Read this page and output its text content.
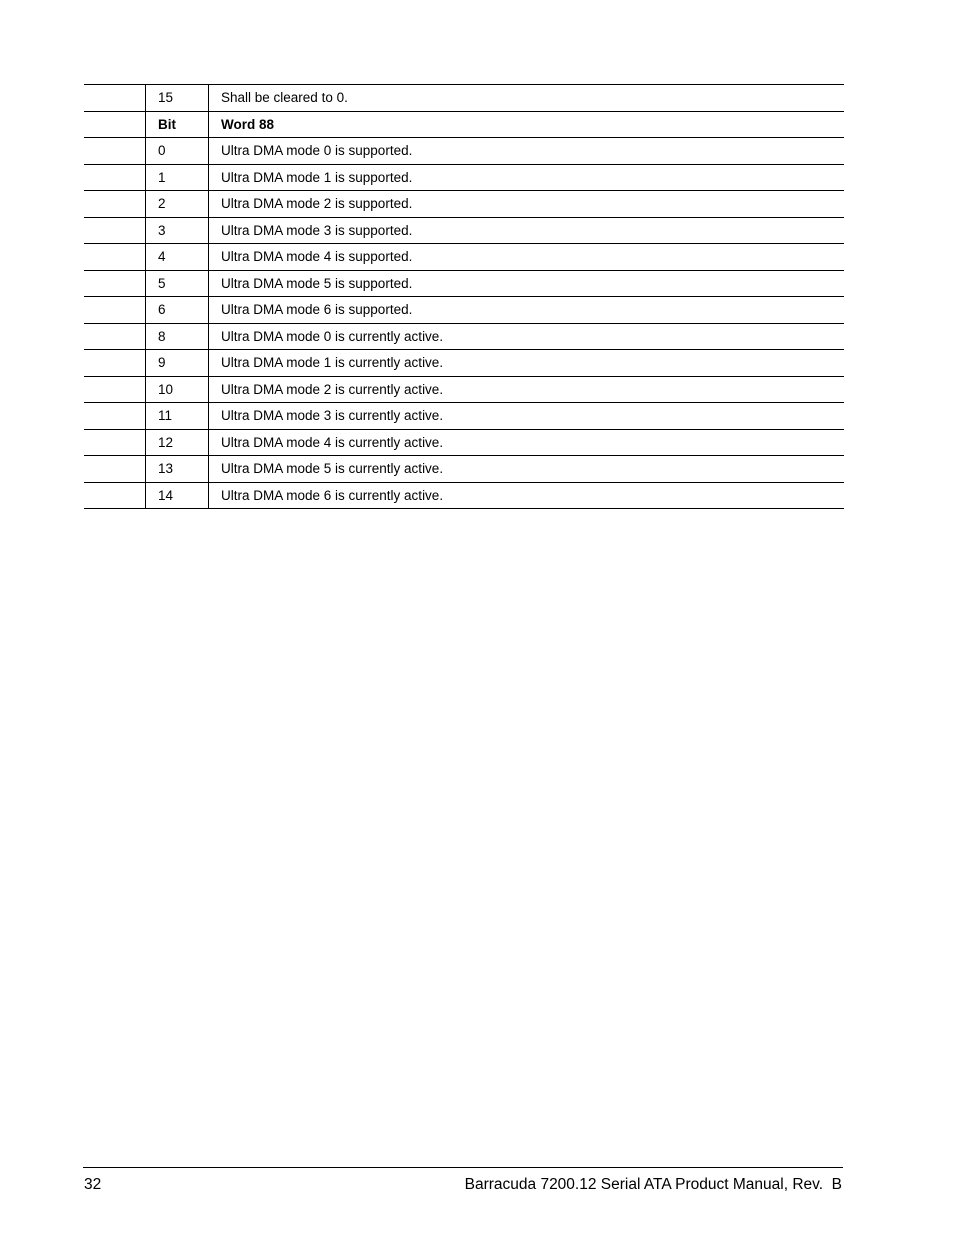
	15	Shall be cleared to 0.
	Bit	Word 88
	0	Ultra DMA mode 0 is supported.
	1	Ultra DMA mode 1 is supported.
	2	Ultra DMA mode 2 is supported.
	3	Ultra DMA mode 3 is supported.
	4	Ultra DMA mode 4 is supported.
	5	Ultra DMA mode 5 is supported.
	6	Ultra DMA mode 6 is supported.
	8	Ultra DMA mode 0 is currently active.
	9	Ultra DMA mode 1 is currently active.
	10	Ultra DMA mode 2 is currently active.
	11	Ultra DMA mode 3 is currently active.
	12	Ultra DMA mode 4 is currently active.
	13	Ultra DMA mode 5 is currently active.
	14	Ultra DMA mode 6 is currently active.
32	Barracuda 7200.12 Serial ATA Product Manual, Rev.  B
